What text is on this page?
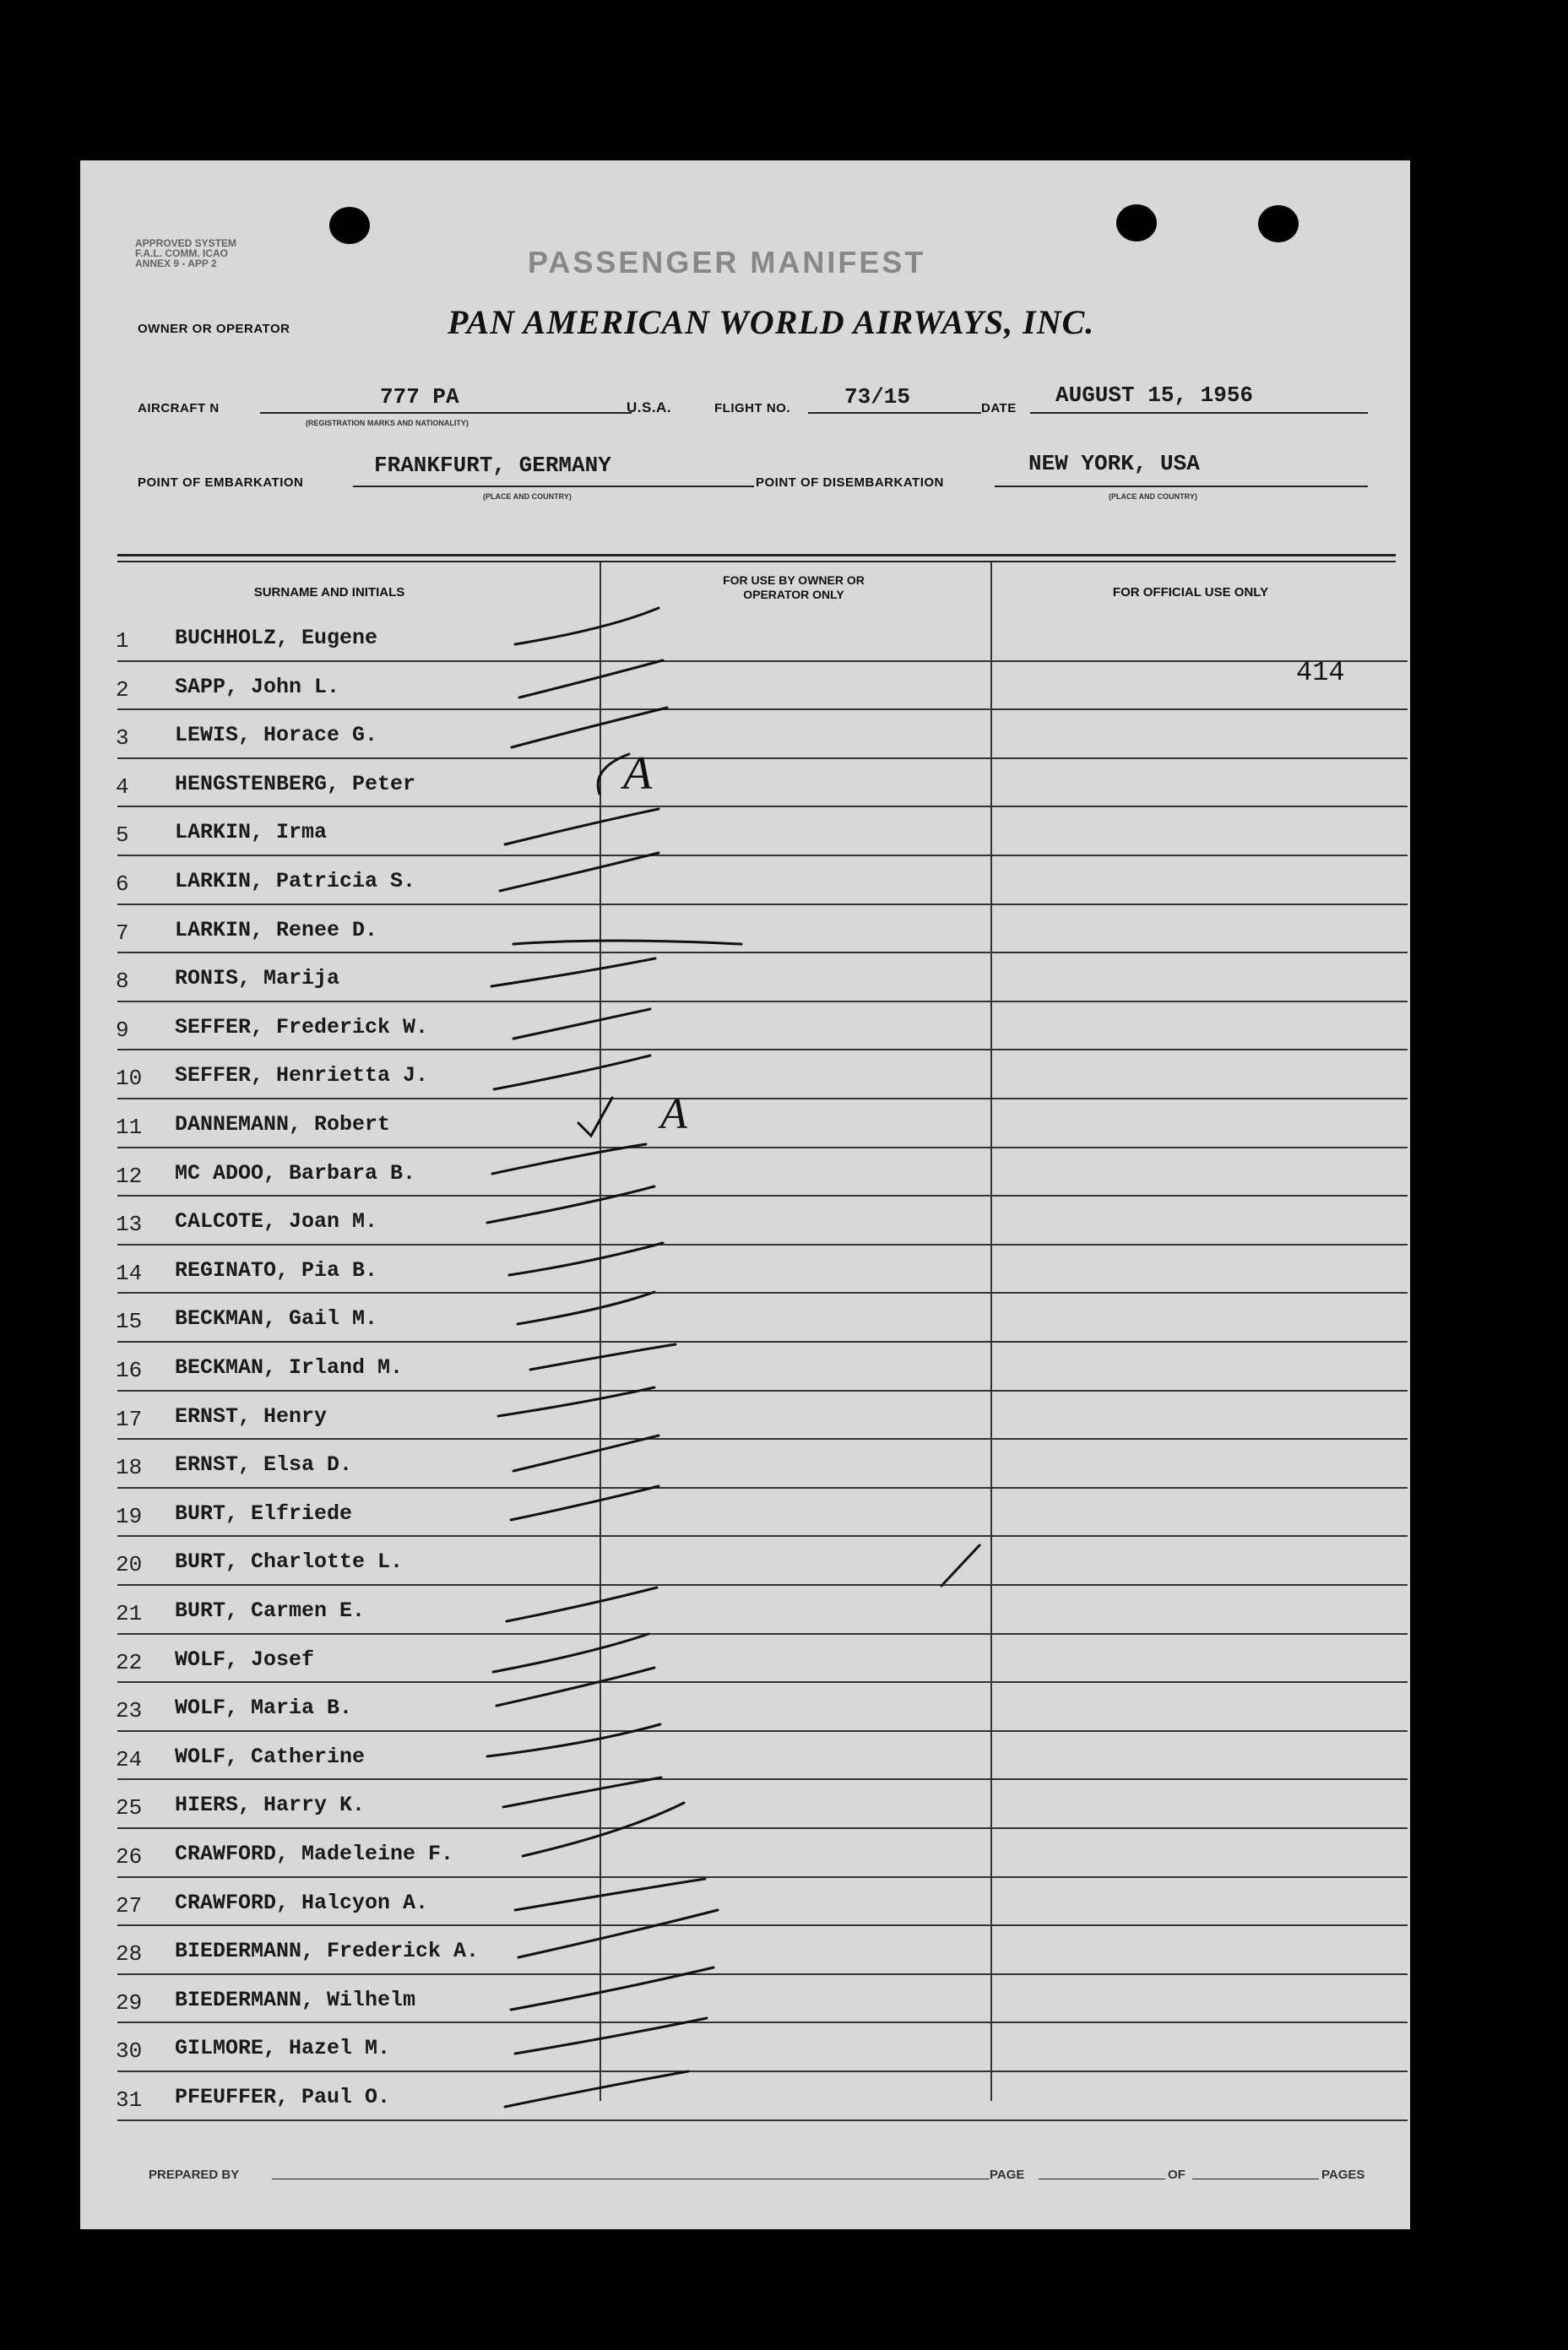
APPROVED SYSTEM F.A.L. COMM. ICAO ANNEX 9 - APP 2	PASSENGER MANIFEST
OWNER OR OPERATOR	PAN AMERICAN WORLD AIRWAYS, INC.
AIRCRAFT N	777 PA
(REGISTRATION MARKS AND NATIONALITY)
U.S.A.	FLIGHT NO. 73/15	DATE
AUGUST 15, 1956
POINT OF EMBARKATION
FRANKFURT, GERMANY
(PLACE AND COUNTRY)
POINT OF DISEMBARKATION
NEW YORK, USA
(PLACE AND COUNTRY)
SURNAME AND INITIALS
FOR USE BY OWNER OR OPERATOR ONLY	FOR OFFICIAL USE ONLY
1	BUCHHOLZ, Eugene
2	SAPP, John L.
3	LEWIS, Horace G.
4	HENGSTENBERG, Peter
5	LARKIN, Irma
6	LARKIN, Patricia S.
7	LARKIN, Renee D.
8	RONIS, Marija
9	SEFFER, Frederick W.
10	SEFFER, Henrietta J.
11	DANNEMANN, Robert
12	MC ADOO, Barbara B.
13	CALCOTE, Joan M.
14	REGINATO, Pia B.
15	BECKMAN, Gail M.
16	BECKMAN, Irland M.
17	ERNST, Henry
18	ERNST, Elsa D.
19	BURT, Elfriede
20	BURT, Charlotte L.
21	BURT, Carmen E.
22	WOLF, Josef
23	WOLF, Maria B.
24	WOLF, Catherine
25	HIERS, Harry K.
26	CRAWFORD, Madeleine F.
27	CRAWFORD, Halcyon A.
28	BIEDERMANN, Frederick A.
29	BIEDERMANN, Wilhelm
30	GILMORE, Hazel M.
31	PFEUFFER, Paul O.
414
A
A
PREPARED BY	PAGE	OF	PAGES
